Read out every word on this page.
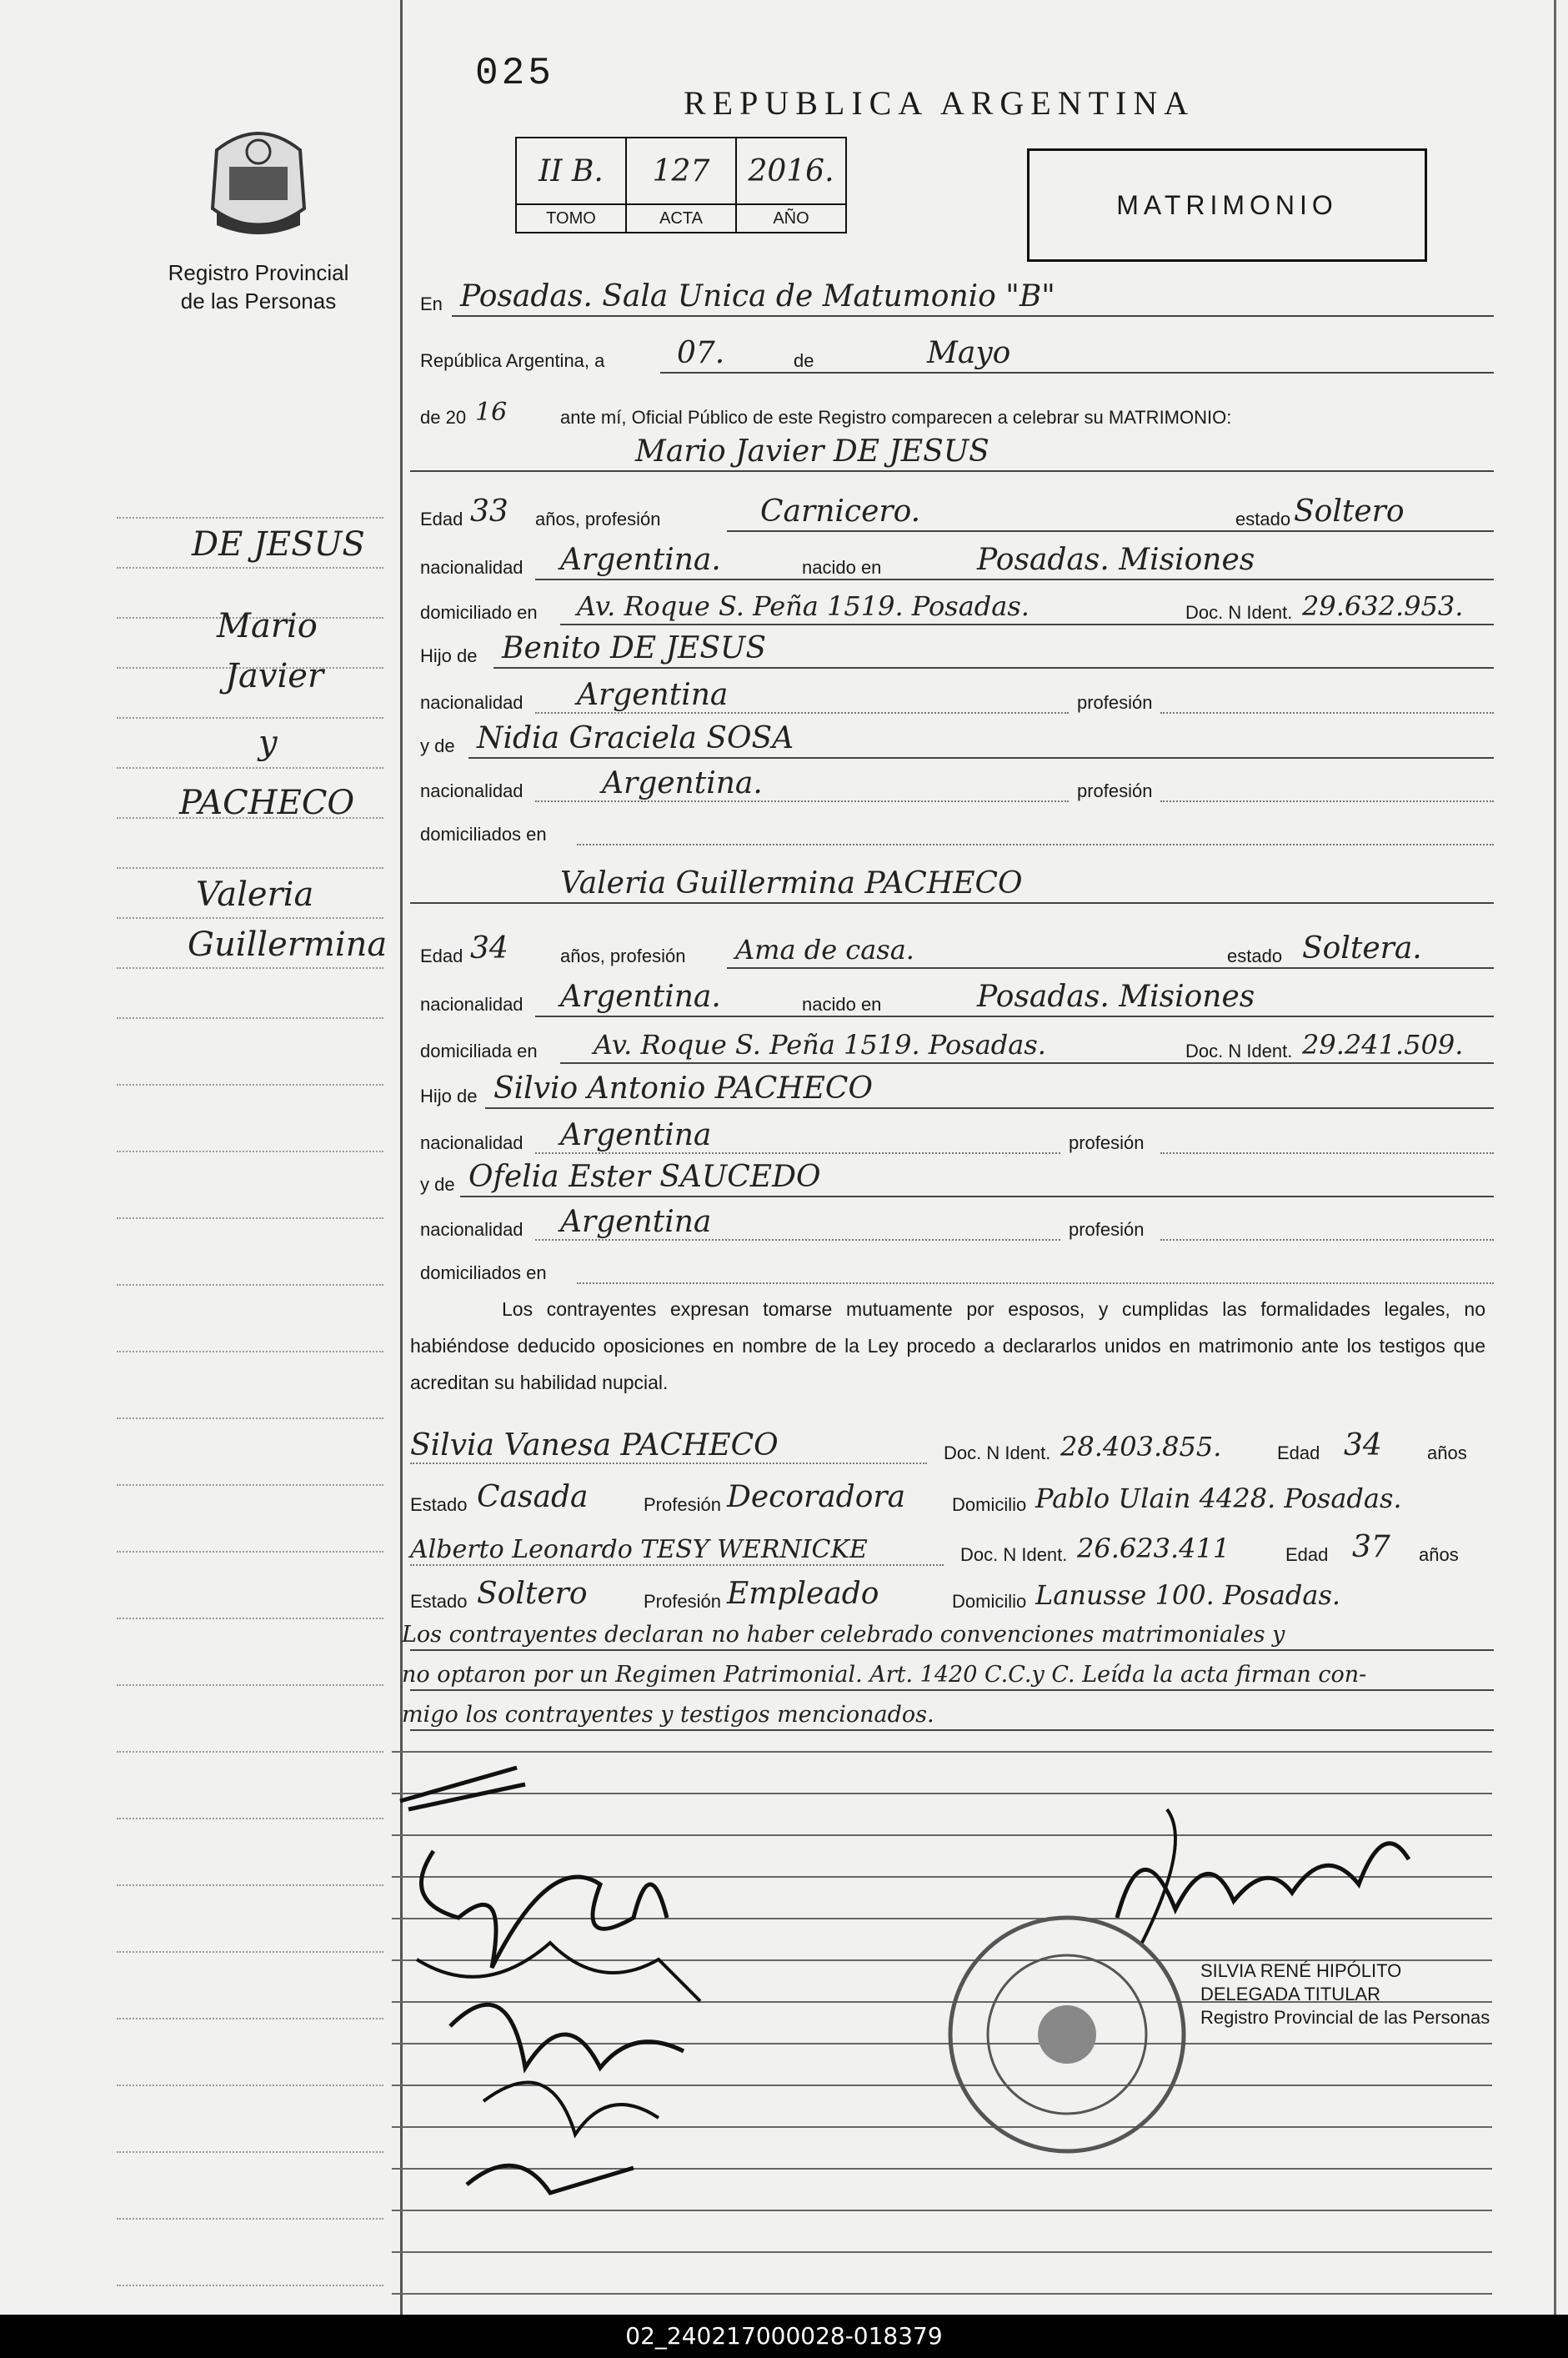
025
REPUBLICA ARGENTINA
Registro Provincial
de las Personas
II B.	127	2016.
TOMO	ACTA	AÑO	MATRIMONIO
DE JESUS
Mario
Javier
y
PACHECO
Valeria
Guillermina
En Posadas. Sala Unica de Matumonio "B"
República Argentina, a 07.	de	Mayo
de 20 16	ante mí, Oficial Público de este Registro comparecen a celebrar su MATRIMONIO:
Mario Javier DE JESUS
Edad 33 años, profesión	Carnicero.	estado Soltero
nacionalidad Argentina.	nacido en	Posadas. Misiones
domiciliado en Av. Roque S. Peña 1519. Posadas.	Doc. N Ident. 29.632.953.
Hijo de Benito DE JESUS
nacionalidad Argentina	profesión
y de Nidia Graciela SOSA
nacionalidad	Argentina.	profesión
domiciliados en
Valeria Guillermina PACHECO
Edad 34	años, profesión Ama de casa.	estado Soltera.
nacionalidad Argentina.	nacido en	Posadas. Misiones
domiciliada en Av. Roque S. Peña 1519. Posadas.	Doc. N Ident. 29.241.509.
Hijo de Silvio Antonio PACHECO
nacionalidad Argentina	profesión
y de Ofelia Ester SAUCEDO
nacionalidad Argentina	profesión
domiciliados en
Los contrayentes expresan tomarse mutuamente por esposos, y cumplidas las formalidades legales, no habiéndose deducido oposiciones en nombre de la Ley procedo a declararlos unidos en matrimonio ante los testigos que acreditan su habilidad nupcial.
Silvia Vanesa PACHECO	Doc. N Ident. 28.403.855.	Edad 34 años
Estado Casada	Profesión Decoradora	Domicilio Pablo Ulain 4428. Posadas.
Alberto Leonardo TESY WERNICKE	Doc. N Ident. 26.623.411	Edad 37 años
Estado Soltero	Profesión Empleado	Domicilio Lanusse 100. Posadas.
Los contrayentes declaran no haber celebrado convenciones matrimoniales y
no optaron por un Regimen Patrimonial. Art. 1420 C.C.y C. Leída la acta firman con-
migo los contrayentes y testigos mencionados.
SILVIA RENÉ HIPÓLITO
DELEGADA TITULAR
Registro Provincial de las Personas
02_240217000028-018379
